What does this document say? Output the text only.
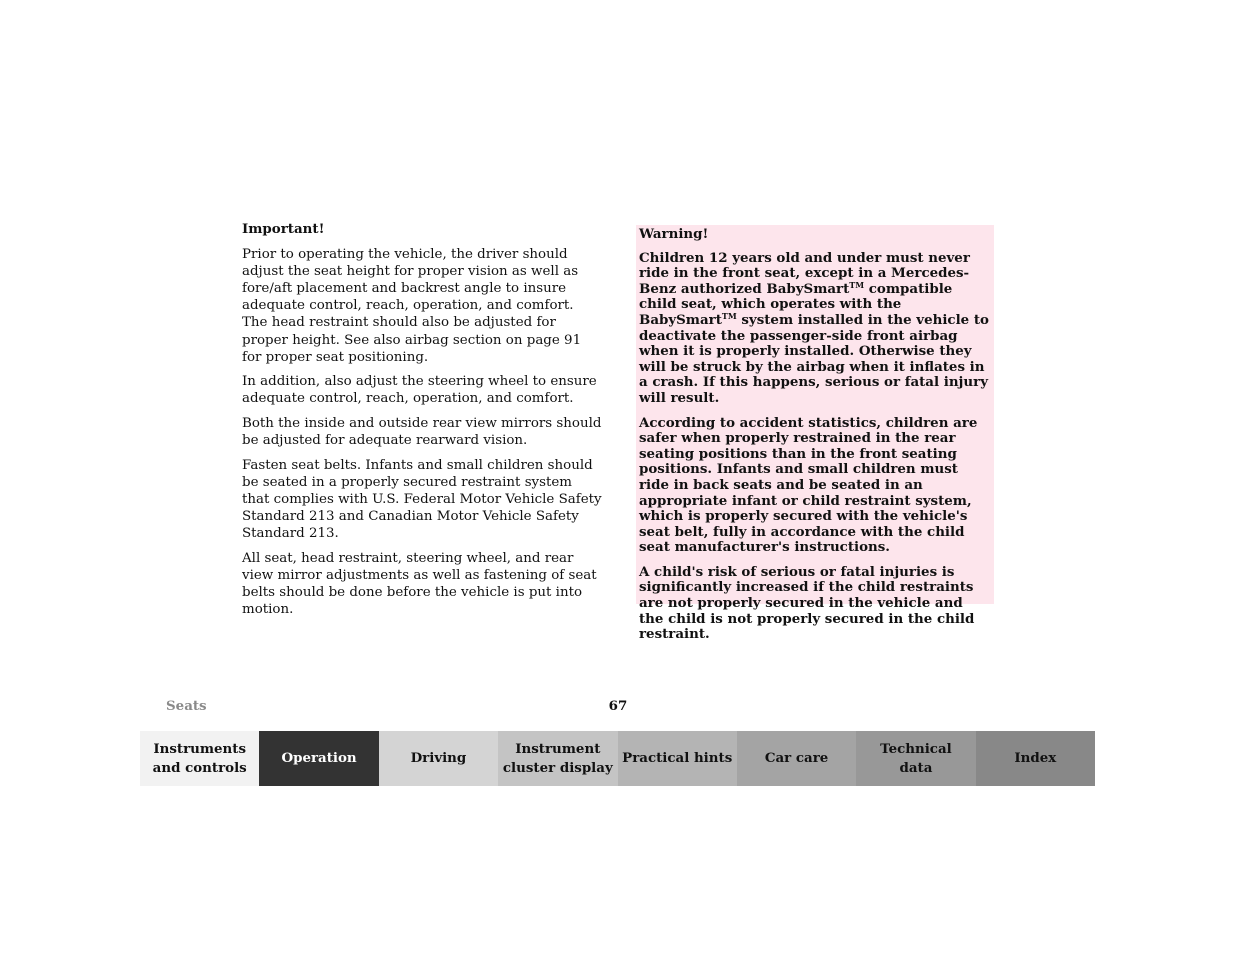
Important!

Prior to operating the vehicle, the driver should adjust the seat height for proper vision as well as fore/aft placement and backrest angle to insure adequate control, reach, operation, and comfort. The head restraint should also be adjusted for proper height. See also airbag section on page 91 for proper seat positioning.

In addition, also adjust the steering wheel to ensure adequate control, reach, operation, and comfort.

Both the inside and outside rear view mirrors should be adjusted for adequate rearward vision.

Fasten seat belts. Infants and small children should be seated in a properly secured restraint system that complies with U.S. Federal Motor Vehicle Safety Standard 213 and Canadian Motor Vehicle Safety Standard 213.

All seat, head restraint, steering wheel, and rear view mirror adjustments as well as fastening of seat belts should be done before the vehicle is put into motion.

Warning!

Children 12 years old and under must never ride in the front seat, except in a Mercedes-Benz authorized BabySmart™ compatible child seat, which operates with the BabySmart™ system installed in the vehicle to deactivate the passenger-side front airbag when it is properly installed. Otherwise they will be struck by the airbag when it inflates in a crash. If this happens, serious or fatal injury will result.

According to accident statistics, children are safer when properly restrained in the rear seating positions than in the front seating positions. Infants and small children must ride in back seats and be seated in an appropriate infant or child restraint system, which is properly secured with the vehicle's seat belt, fully in accordance with the child seat manufacturer's instructions.

A child's risk of serious or fatal injuries is significantly increased if the child restraints are not properly secured in the vehicle and the child is not properly secured in the child restraint.

Seats	67
Instruments
and controls
Operation	Driving
Instrument
cluster display
Practical hints	Car care
Technical
data
Index
